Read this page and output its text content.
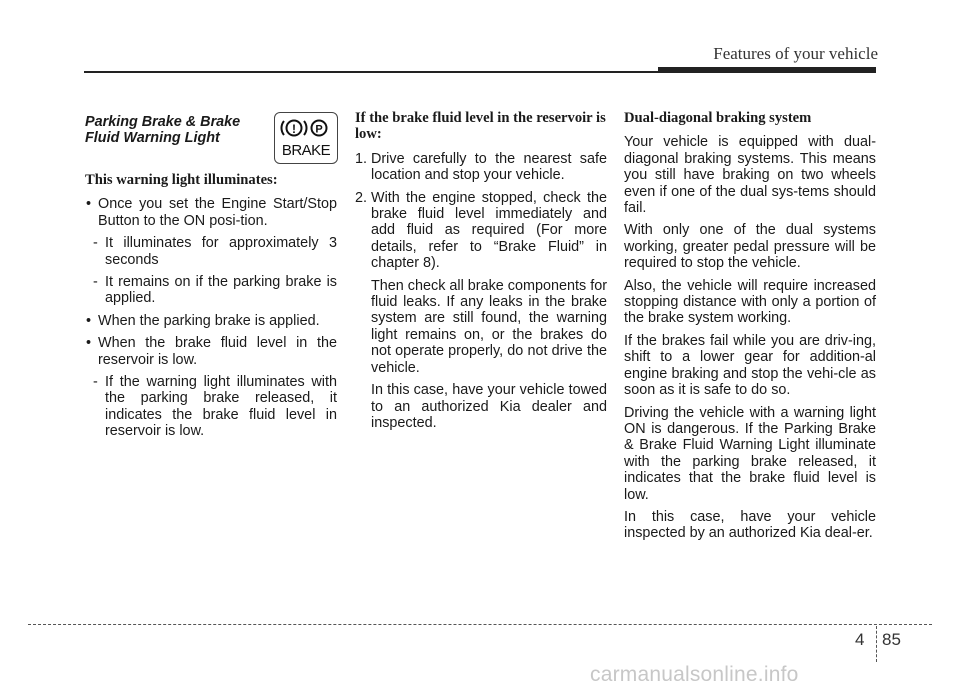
Features of your vehicle
Parking Brake & Brake
Fluid Warning Light
! P
BRAKE

This warning light illuminates:

• Once you set the Engine Start/Stop Button to the ON posi-tion.
- It illuminates for approximately 3 seconds
- It remains on if the parking brake is applied.
• When the parking brake is applied.
• When the brake fluid level in the reservoir is low.
- If the warning light illuminates with the parking brake released, it indicates the brake fluid level in reservoir is low.

If the brake fluid level in the reservoir is low:

1. Drive carefully to the nearest safe location and stop your vehicle.
2. With the engine stopped, check the brake fluid level immediately and add fluid as required (For more details, refer to “Brake Fluid” in chapter 8).

Then check all brake components for fluid leaks. If any leaks in the brake system are still found, the warning light remains on, or the brakes do not operate properly, do not drive the vehicle.

In this case, have your vehicle towed to an authorized Kia dealer and inspected.

Dual-diagonal braking system

Your vehicle is equipped with dual-diagonal braking systems. This means you still have braking on two wheels even if one of the dual sys-tems should fail.

With only one of the dual systems working, greater pedal pressure will be required to stop the vehicle.

Also, the vehicle will require increased stopping distance with only a portion of the brake system working.

If the brakes fail while you are driv-ing, shift to a lower gear for addition-al engine braking and stop the vehi-cle as soon as it is safe to do so.

Driving the vehicle with a warning light ON is dangerous. If the Parking Brake & Brake Fluid Warning Light illuminate with the parking brake released, it indicates that the brake fluid level is low.

In this case, have your vehicle inspected by an authorized Kia deal-er.

4 85
carmanualsonline.info
